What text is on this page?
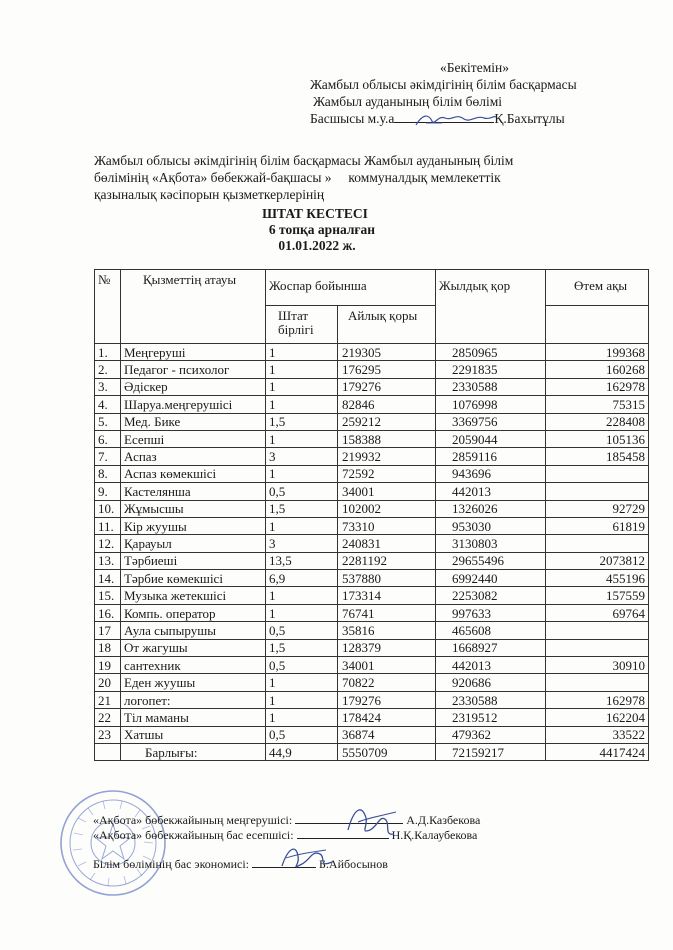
«Бекітемін»
Жамбыл облысы әкімдігінің білім басқармасы
Жамбыл ауданының білім бөлімі
Басшысы м.у.а	Қ.Бахытұлы
Жамбыл облысы әкімдігінің білім басқармасы Жамбыл ауданының білім
бөлімінің «Ақбота» бөбекжай-бақшасы »     коммуналдық мемлекеттік
қазыналық кәсіпорын қызметкерлерінің
ШТАТ КЕСТЕСІ
6 топқа арналған
01.01.2022 ж.
№	Қызметтің атауы	Жоспар бойынша		Жылдық қор	Өтем ақы
		Штат бірлігі	Айлық қоры		
1.	Меңгеруші	1	219305	2850965	199368
2.	Педагог - психолог	1	176295	2291835	160268
3.	Әдіскер	1	179276	2330588	162978
4.	Шаруа.меңгерушісі	1	82846	1076998	75315
5.	Мед. Бике	1,5	259212	3369756	228408
6.	Есепші	1	158388	2059044	105136
7.	Аспаз	3	219932	2859116	185458
8.	Аспаз көмекшісі	1	72592	943696	
9.	Кастелянша	0,5	34001	442013	
10.	Жұмысшы	1,5	102002	1326026	92729
11.	Кір жуушы	1	73310	953030	61819
12.	Қарауыл	3	240831	3130803	
13.	Тәрбиеші	13,5	2281192	29655496	2073812
14.	Тәрбие көмекшісі	6,9	537880	6992440	455196
15.	Музыка жетекшісі	1	173314	2253082	157559
16.	Компь. оператор	1	76741	997633	69764
17	Аула сыпырушы	0,5	35816	465608	
18	От жагушы	1,5	128379	1668927	
19	сантехник	0,5	34001	442013	30910
20	Еден жуушы	1	70822	920686	
21	логопет:	1	179276	2330588	162978
22	Тіл маманы	1	178424	2319512	162204
23	Хатшы	0,5	36874	479362	33522
	Барлығы:	44,9	5550709	72159217	4417424
«Ақбота» бөбекжайының меңгерушісі:	А.Д.Казбекова
«Ақбота» бөбекжайының бас есепшісі:	Н.Қ.Калаубекова
Білім бөлімінің бас экономисі:	Б.Айбосынов
